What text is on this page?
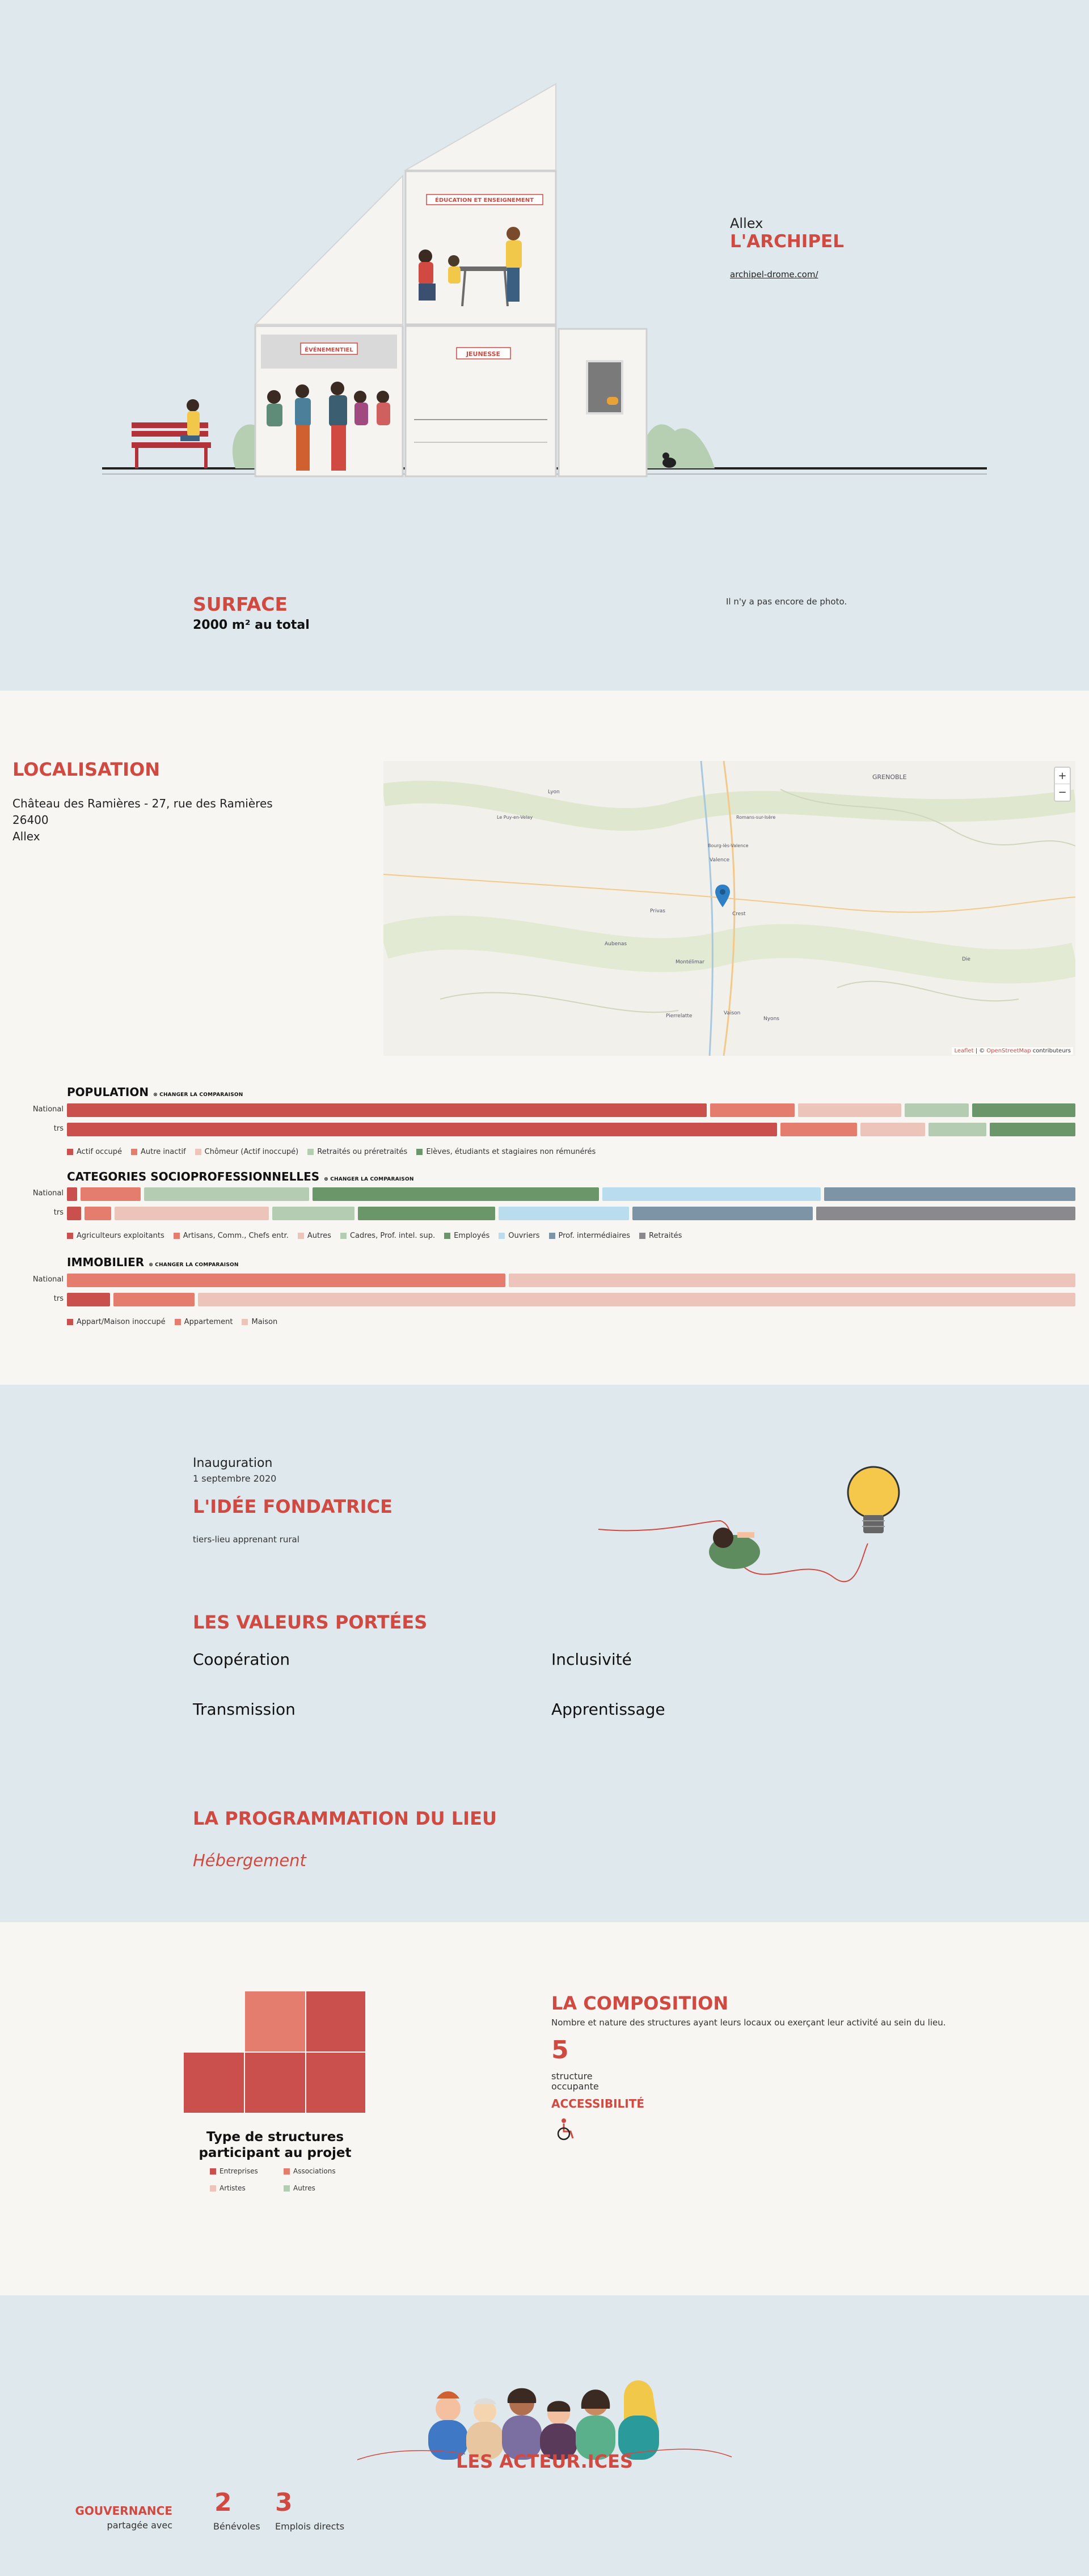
ÉDUCATION ET ENSEIGNEMENT
JEUNESSE
ÉVÉNEMENTIEL
Allex
L'ARCHIPEL
archipel-drome.com/
SURFACE
2000 m² au total
Il n'y a pas encore de photo.
LOCALISATION
Château des Ramières - 27, rue des Ramières
26400
Allex
GRENOBLE
Lyon
Privas
Valence
Montélimar
Nyons
Die
Crest
Bourg-lès-Valence
Romans-sur-Isère
Le Puy-en-Velay
Aubenas
Pierrelatte	Vaison
+
−
Leaflet | © OpenStreetMap contributeurs
POPULATION ⊗ CHANGER LA COMPARAISON
National
trs
Actif occupé	Autre inactif	Chômeur (Actif inoccupé)	Retraités ou préretraités	Elèves, étudiants et stagiaires non rémunérés
CATEGORIES SOCIOPROFESSIONNELLES ⊗ CHANGER LA COMPARAISON
National
trs
Agriculteurs exploitants	Artisans, Comm., Chefs entr.	Autres	Cadres, Prof. intel. sup.	Employés	Ouvriers	Prof. intermédiaires	Retraités
IMMOBILIER ⊗ CHANGER LA COMPARAISON
National
trs
Appart/Maison inoccupé	Appartement	Maison
Inauguration
1 septembre 2020
L'IDÉE FONDATRICE
tiers-lieu apprenant rural
LES VALEURS PORTÉES
Coopération	Inclusivité
Transmission	Apprentissage
LA PROGRAMMATION DU LIEU
Hébergement
Type de structures
participant au projet
Entreprises	Associations
Artistes	Autres
LA COMPOSITION
Nombre et nature des structures ayant leurs locaux ou exerçant leur activité au sein du lieu.
5
structure
occupante
ACCESSIBILITÉ
LES ACTEUR.ICES
GOUVERNANCE
partagée avec
2
Bénévoles
3
Emplois directs
